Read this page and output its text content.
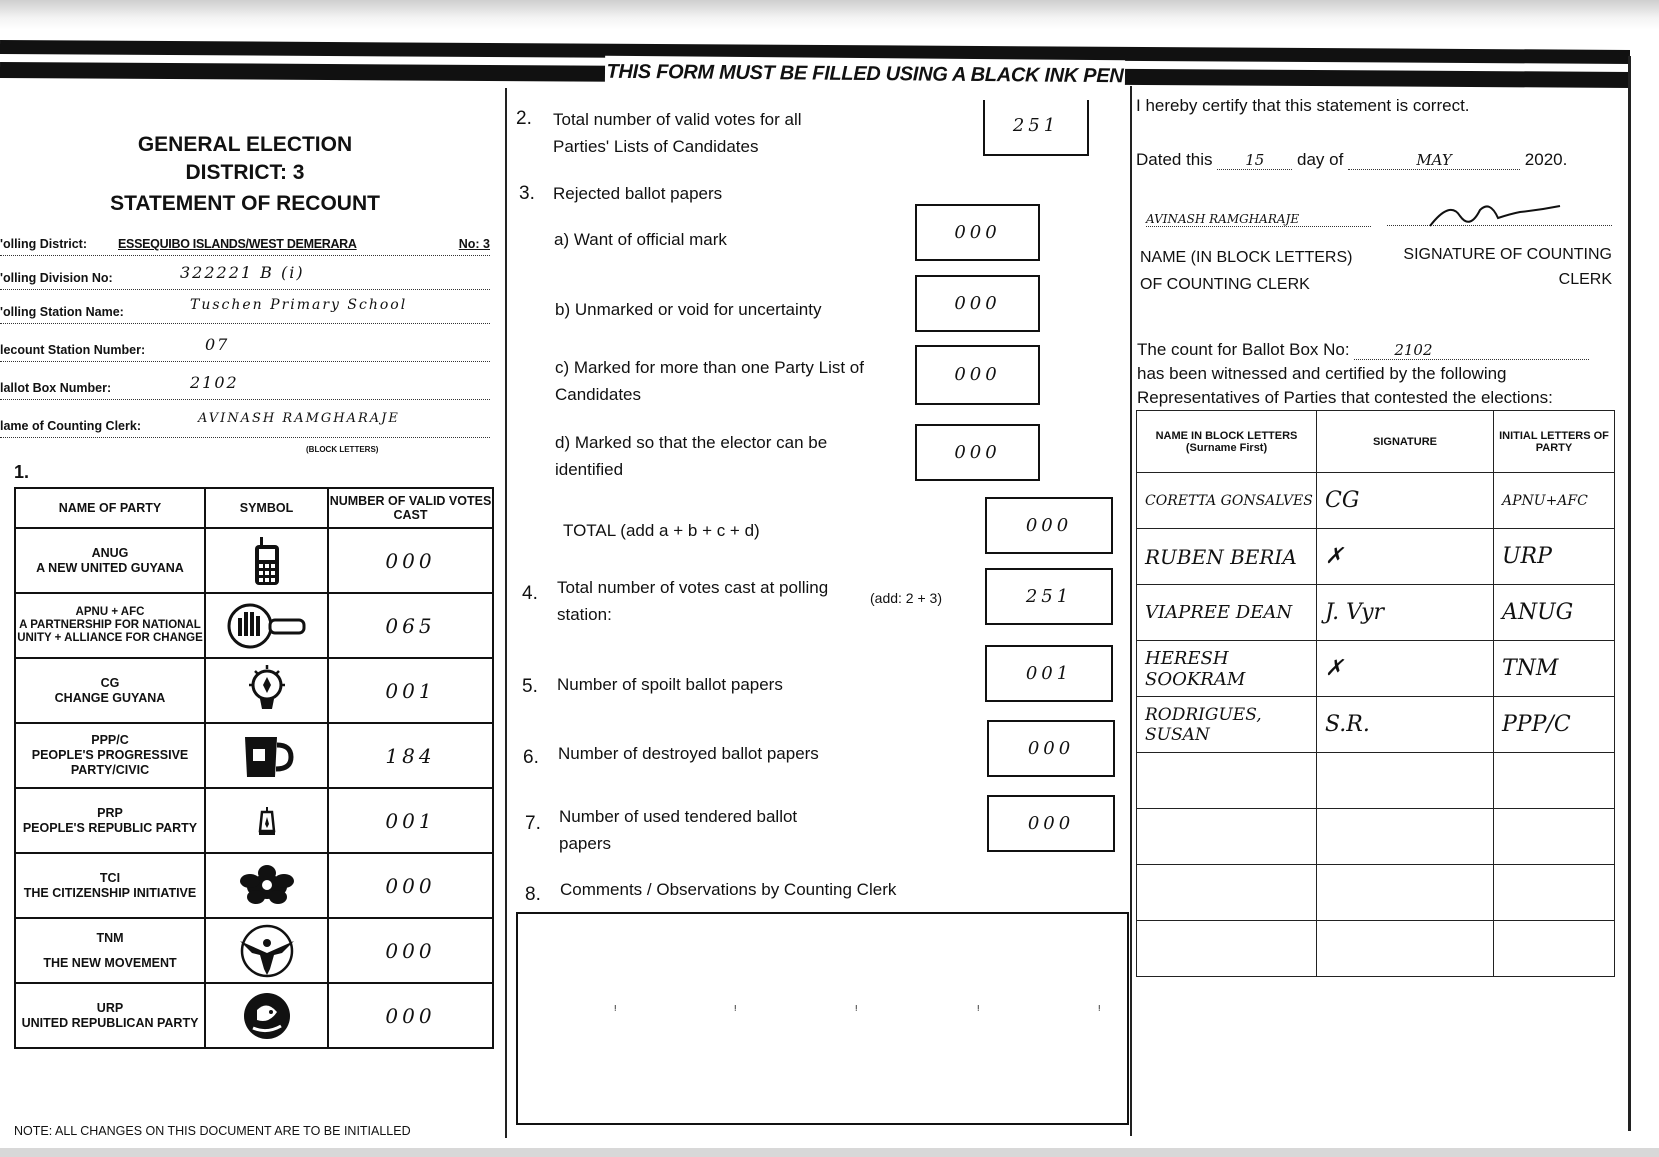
THIS FORM MUST BE FILLED USING A BLACK INK PEN
GENERAL ELECTION
DISTRICT: 3
STATEMENT OF RECOUNT
'olling District: ESSEQUIBO ISLANDS/WEST DEMERARA	No: 3
'olling Division No:	322221 B (i)
'olling Station Name:	Tuschen Primary School
lecount Station Number:	07
lallot Box Number:	2102
lame of Counting Clerk:	AVINASH RAMGHARAJE
(BLOCK LETTERS)
1.
NAME OF PARTY	SYMBOL	NUMBER OF VALID VOTES CAST

ANUG
A NEW UNITED GUYANA		000

APNU + AFC
A PARTNERSHIP FOR NATIONAL UNITY + ALLIANCE FOR CHANGE		065

CG
CHANGE GUYANA		001

PPP/C
PEOPLE'S PROGRESSIVE PARTY/CIVIC		184

PRP
PEOPLE'S REPUBLIC PARTY		001

TCI
THE CITIZENSHIP INITIATIVE		000

TNM
THE NEW MOVEMENT		000

URP
UNITED REPUBLICAN PARTY		000
NOTE: ALL CHANGES ON THIS DOCUMENT ARE TO BE INITIALLED
2. Total number of valid votes for all Parties' Lists of Candidates
251
3. Rejected ballot papers
a) Want of official mark	000
b) Unmarked or void for uncertainty	000
c) Marked for more than one Party List of Candidates
000
d) Marked so that the elector can be identified
000
TOTAL (add a + b + c + d)	000
4. Total number of votes cast at polling station:
(add: 2 + 3)	251
5. Number of spoilt ballot papers
001
6. Number of destroyed ballot papers	000
7. Number of used tendered ballot papers
000
8. Comments / Observations by Counting Clerk
ᵎ	ᵎ	ᵎ	ᵎ	ᵎ
I hereby certify that this statement is correct.
Dated this 15 day of	MAY	2020.
AVINASH RAMGHARAJE
NAME (IN BLOCK LETTERS) OF COUNTING CLERK
SIGNATURE OF COUNTING CLERK
The count for Ballot Box No:	2102
has been witnessed and certified by the following
Representatives of Parties that contested the elections:
NAME IN BLOCK LETTERS (Surname First)	SIGNATURE	INITIAL LETTERS OF PARTY
CORETTA GONSALVES	CG	APNU+AFC
RUBEN BERIA	✗	URP
VIAPREE DEAN	J. Vyr	ANUG
HERESH SOOKRAM	✗	TNM
RODRIGUES, SUSAN	S.R.	PPP/C
